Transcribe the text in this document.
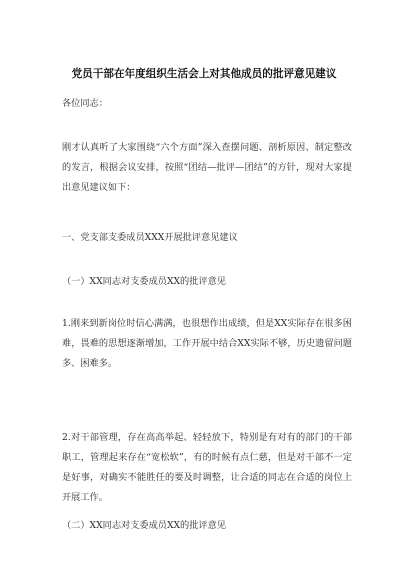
党员干部在年度组织生活会上对其他成员的批评意见建议
各位同志：
刚才认真听了大家围绕“六个方面”深入查摆问题、剖析原因、制定整改的发言，根据会议安排，按照“团结—批评—团结”的方针，现对大家提出意见建议如下：
一、党支部支委成员XXX开展批评意见建议
（一）XX同志对支委成员XX的批评意见
1.刚来到新岗位时信心满满，也很想作出成绩，但是XX实际存在很多困难，畏难的思想逐渐增加，工作开展中结合XX实际不够，历史遗留问题多、困难多。
2.对干部管理，存在高高举起、轻轻放下，特别是有对有的部门的干部职工，管理起来存在“宽松软”，有的时候有点仁慈，但是对干部不一定是好事，对确实不能胜任的要及时调整，让合适的同志在合适的岗位上开展工作。
（二）XX同志对支委成员XX的批评意见
